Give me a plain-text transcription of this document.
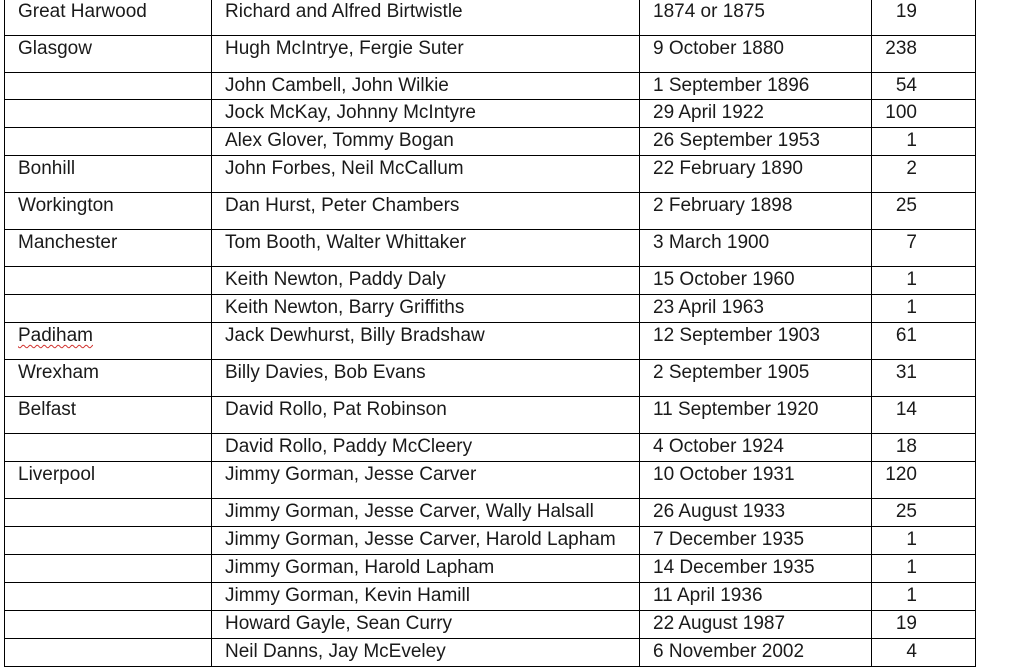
Great Harwood	Richard and Alfred Birtwistle	1874 or 1875	19
Glasgow	Hugh McIntrye, Fergie Suter	9 October 1880	238
	John Cambell, John Wilkie	1 September 1896	54
	Jock McKay, Johnny McIntyre	29 April 1922	100
	Alex Glover, Tommy Bogan	26 September 1953	1
Bonhill	John Forbes, Neil McCallum	22 February 1890	2
Workington	Dan Hurst, Peter Chambers	2 February 1898	25
Manchester	Tom Booth, Walter Whittaker	3 March 1900	7
	Keith Newton, Paddy Daly	15 October 1960	1
	Keith Newton, Barry Griffiths	23 April 1963	1
Padiham	Jack Dewhurst, Billy Bradshaw	12 September 1903	61
Wrexham	Billy Davies, Bob Evans	2 September 1905	31
Belfast	David Rollo, Pat Robinson	11 September 1920	14
	David Rollo, Paddy McCleery	4 October 1924	18
Liverpool	Jimmy Gorman, Jesse Carver	10 October 1931	120
	Jimmy Gorman, Jesse Carver, Wally Halsall	26 August 1933	25
	Jimmy Gorman, Jesse Carver, Harold Lapham	7 December 1935	1
	Jimmy Gorman, Harold Lapham	14 December 1935	1
	Jimmy Gorman, Kevin Hamill	11 April 1936	1
	Howard Gayle, Sean Curry	22 August 1987	19
	Neil Danns, Jay McEveley	6 November 2002	4
